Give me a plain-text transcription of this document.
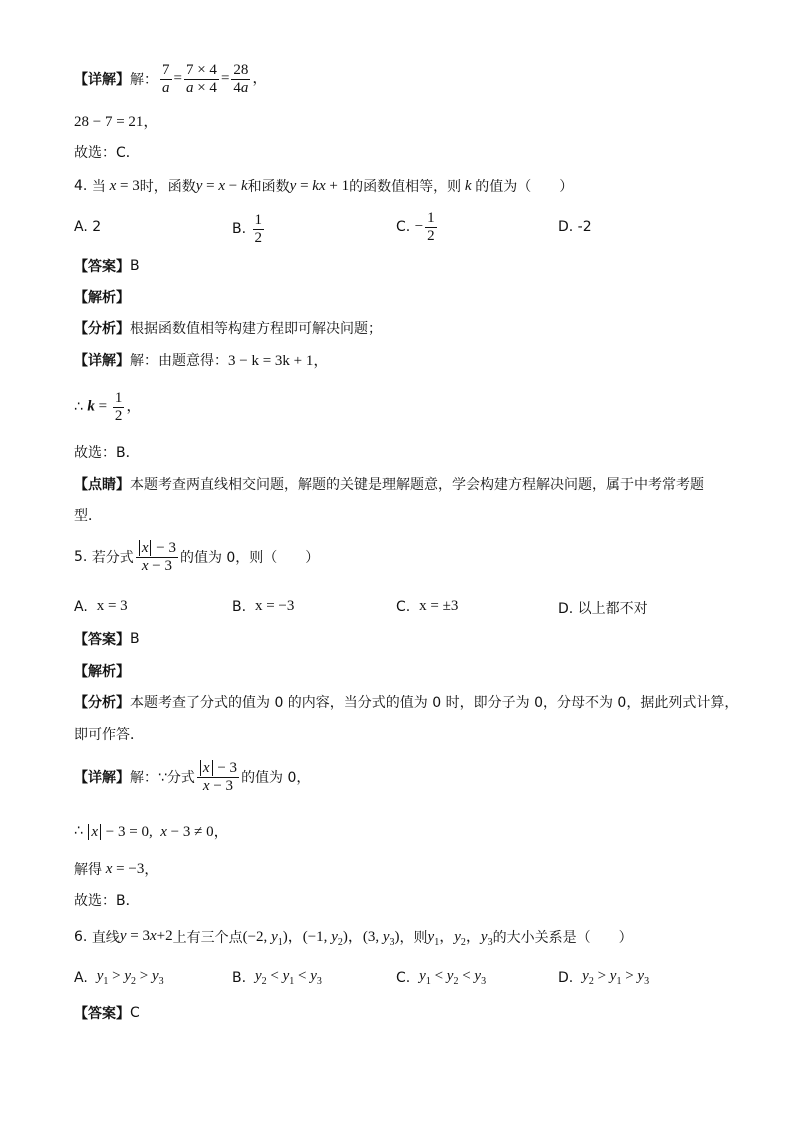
【详解】 解： $\frac{7}{a} = \frac{7 \times 4}{a \times 4} = \frac{28}{4a}$ ，
28 − 7 = 21，
故选：C．
4.
当 x = 3 时，函数 y = x − k 和函数 y = kx + 1 的函数值相等，则 k 的值为（　　）
A. 2	B.
$\frac{1}{2}$	C.
− $\frac{1}{2}$	D. -2
【答案】 B
【解析】
【分析】 根据函数值相等构建方程即可解决问题；
【详解】 解：由题意得： 3 − k = 3k + 1，
∴
$k = \frac{1}{2}$ ，
故选：B．
【点睛】 本题考查两直线相交问题，解题的关键是理解题意，学会构建方程解决问题，属于中考常考题
型．
5.
若分式 $\frac{x - 3}{x - 3}$ 的值为 0，则（　　）
A.
x = 3	B.
x = −3	C.
x = ±3	D. 以上都不对
【答案】 B
【解析】
【分析】 本题考查了分式的值为 0 的内容，当分式的值为 0 时，即分子为 0，分母不为 0，据此列式计算，
即可作答．
【详解】 解：∵分式 $\frac{x - 3}{x - 3}$ 的值为 0，
∴
x − 3 = 0,  x − 3 ≠ 0，
解得 x = −3 ，
故选：B．
6.
直线 y = 3x+2 上有三个点 (−2, $y_1$)，(−1, $y_2$)，(3, $y_3$) ，则 $y_1$，$y_2$，$y_3$ 的大小关系是（　　）
A.
$y_1 > y_2 > y_3$	B.
$y_2 < y_1 < y_3$	C.
$y_1 < y_2 < y_3$	D.
$y_2 > y_1 > y_3$
【答案】 C
